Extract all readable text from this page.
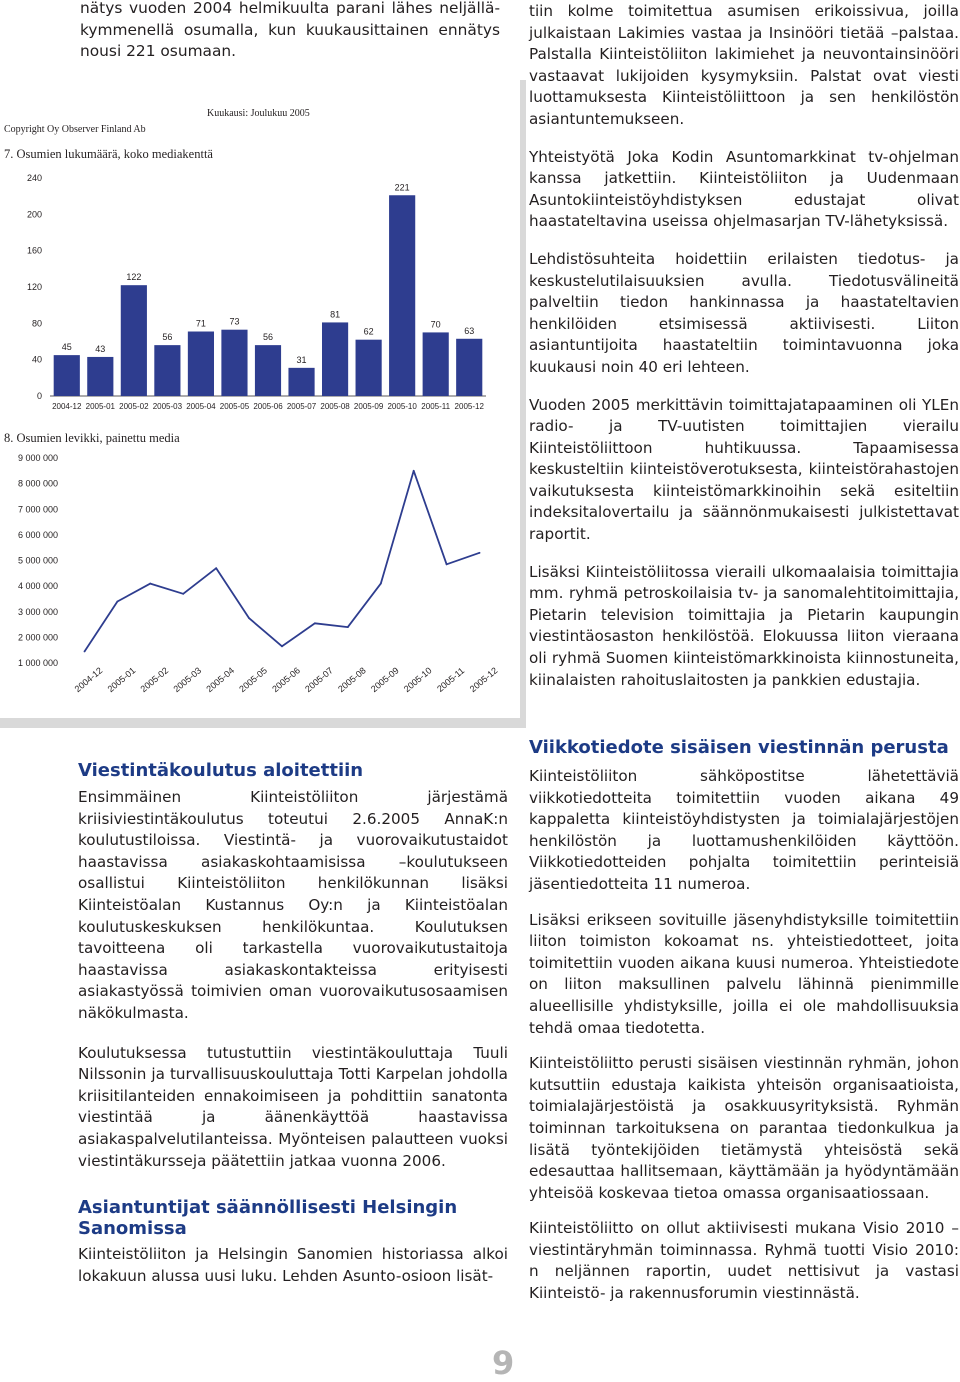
nätys vuoden 2004 helmikuulta parani lähes neljällä-kymmenellä osumalla, kun kuukausittainen ennätys nousi 221 osumaan.
Copyright Oy Observer Finland Ab
Kuukausi: Joulukuu 2005
7. Osumien lukumäärä, koko mediakenttä
0
40
80
120
160
200
240
45
2004-12
43
2005-01
122
2005-02
56
2005-03
71
2005-04
73
2005-05
56
2005-06
31
2005-07
81
2005-08
62
2005-09
221
2005-10
70
2005-11
63
2005-12
8. Osumien levikki, painettu media
1 000 000
2 000 000
3 000 000
4 000 000
5 000 000
6 000 000
7 000 000
8 000 000
9 000 000
2004-12 2005-01 2005-02 2005-03 2005-04 2005-05 2005-06 2005-07 2005-08 2005-09 2005-10 2005-11 2005-12

tiin kolme toimitettua asumisen erikoissivua, joilla julkaistaan Lakimies vastaa ja Insinööri tietää –palstaa. Palstalla Kiinteistöliiton lakimiehet ja neuvontainsinööri vastaavat lukijoiden kysymyksiin. Palstat ovat viesti luottamuksesta Kiinteistöliittoon ja sen henkilöstön asiantuntemukseen.

Yhteistyötä Joka Kodin Asuntomarkkinat tv-ohjelman kanssa jatkettiin. Kiinteistöliiton ja Uudenmaan Asuntokiinteistöyhdistyksen edustajat olivat haastateltavina useissa ohjelmasarjan TV-lähetyksissä.

Lehdistösuhteita hoidettiin erilaisten tiedotus- ja keskustelutilaisuuksien avulla. Tiedotusvälineitä palveltiin tiedon hankinnassa ja haastateltavien henkilöiden etsimisessä aktiivisesti. Liiton asiantuntijoita haastateltiin toimintavuonna joka kuukausi noin 40 eri lehteen.

Vuoden 2005 merkittävin toimittajatapaaminen oli YLEn radio- ja TV-uutisten toimittajien vierailu Kiinteistöliittoon huhtikuussa. Tapaamisessa keskusteltiin kiinteistöverotuksesta, kiinteistörahastojen vaikutuksesta kiinteistömarkkinoihin sekä esiteltiin indeksitalovertailu ja säännönmukaisesti julkistettavat raportit.

Lisäksi Kiinteistöliitossa vieraili ulkomaalaisia toimittajia mm. ryhmä petroskoilaisia tv- ja sanomalehtitoimittajia, Pietarin television toimittajia ja Pietarin kaupungin viestintäosaston henkilöstöä. Elokuussa liiton vieraana oli ryhmä Suomen kiinteistömarkkinoista kiinnostuneita, kiinalaisten rahoituslaitosten ja pankkien edustajia.

Viestintäkoulutus aloitettiin

Ensimmäinen Kiinteistöliiton järjestämä kriisiviestintäkoulutus toteutui 2.6.2005 AnnaK:n koulutustiloissa. Viestintä- ja vuorovaikutustaidot haastavissa asiakaskohtaamisissa –koulutukseen osallistui Kiinteistöliiton henkilökunnan lisäksi Kiinteistöalan Kustannus Oy:n ja Kiinteistöalan koulutuskeskuksen henkilökuntaa. Koulutuksen tavoitteena oli tarkastella vuorovaikutustaitoja haastavissa asiakaskontakteissa erityisesti asiakastyössä toimivien oman vuorovaikutusosaamisen näkökulmasta.

Koulutuksessa tutustuttiin viestintäkouluttaja Tuuli Nilssonin ja turvallisuuskouluttaja Totti Karpelan johdolla kriisitilanteiden ennakoimiseen ja pohdittiin sanatonta viestintää ja äänenkäyttöä haastavissa asiakaspalvelutilanteissa. Myönteisen palautteen vuoksi viestintäkursseja päätettiin jatkaa vuonna 2006.

Asiantuntijat säännöllisesti Helsingin Sanomissa
Kiinteistöliiton ja Helsingin Sanomien historiassa alkoi lokakuun alussa uusi luku. Lehden Asunto-osioon lisät-
Viikkotiedote sisäisen viestinnän perusta

Kiinteistöliiton sähköpostitse lähetettäviä viikkotiedotteita toimitettiin vuoden aikana 49 kappaletta kiinteistöyhdistysten ja toimialajärjestöjen henkilöstön ja luottamushenkilöiden käyttöön. Viikkotiedotteiden pohjalta toimitettiin perinteisiä jäsentiedotteita 11 numeroa.

Lisäksi erikseen sovituille jäsenyhdistyksille toimitettiin liiton toimiston kokoamat ns. yhteistiedotteet, joita toimitettiin vuoden aikana kuusi numeroa. Yhteistiedote on liiton maksullinen palvelu lähinnä pienimmille alueellisille yhdistyksille, joilla ei ole mahdollisuuksia tehdä omaa tiedotetta.

Kiinteistöliitto perusti sisäisen viestinnän ryhmän, johon kutsuttiin edustaja kaikista yhteisön organisaatioista, toimialajärjestöistä ja osakkuusyrityksistä. Ryhmän toiminnan tarkoituksena on parantaa tiedonkulkua ja lisätä työntekijöiden tietämystä yhteisöstä sekä edesauttaa hallitsemaan, käyttämään ja hyödyntämään yhteisöä koskevaa tietoa omassa organisaatiossaan.

Kiinteistöliitto on ollut aktiivisesti mukana Visio 2010 –viestintäryhmän toiminnassa. Ryhmä tuotti Visio 2010: n neljännen raportin, uudet nettisivut ja vastasi Kiinteistö- ja rakennusforumin viestinnästä.

9
